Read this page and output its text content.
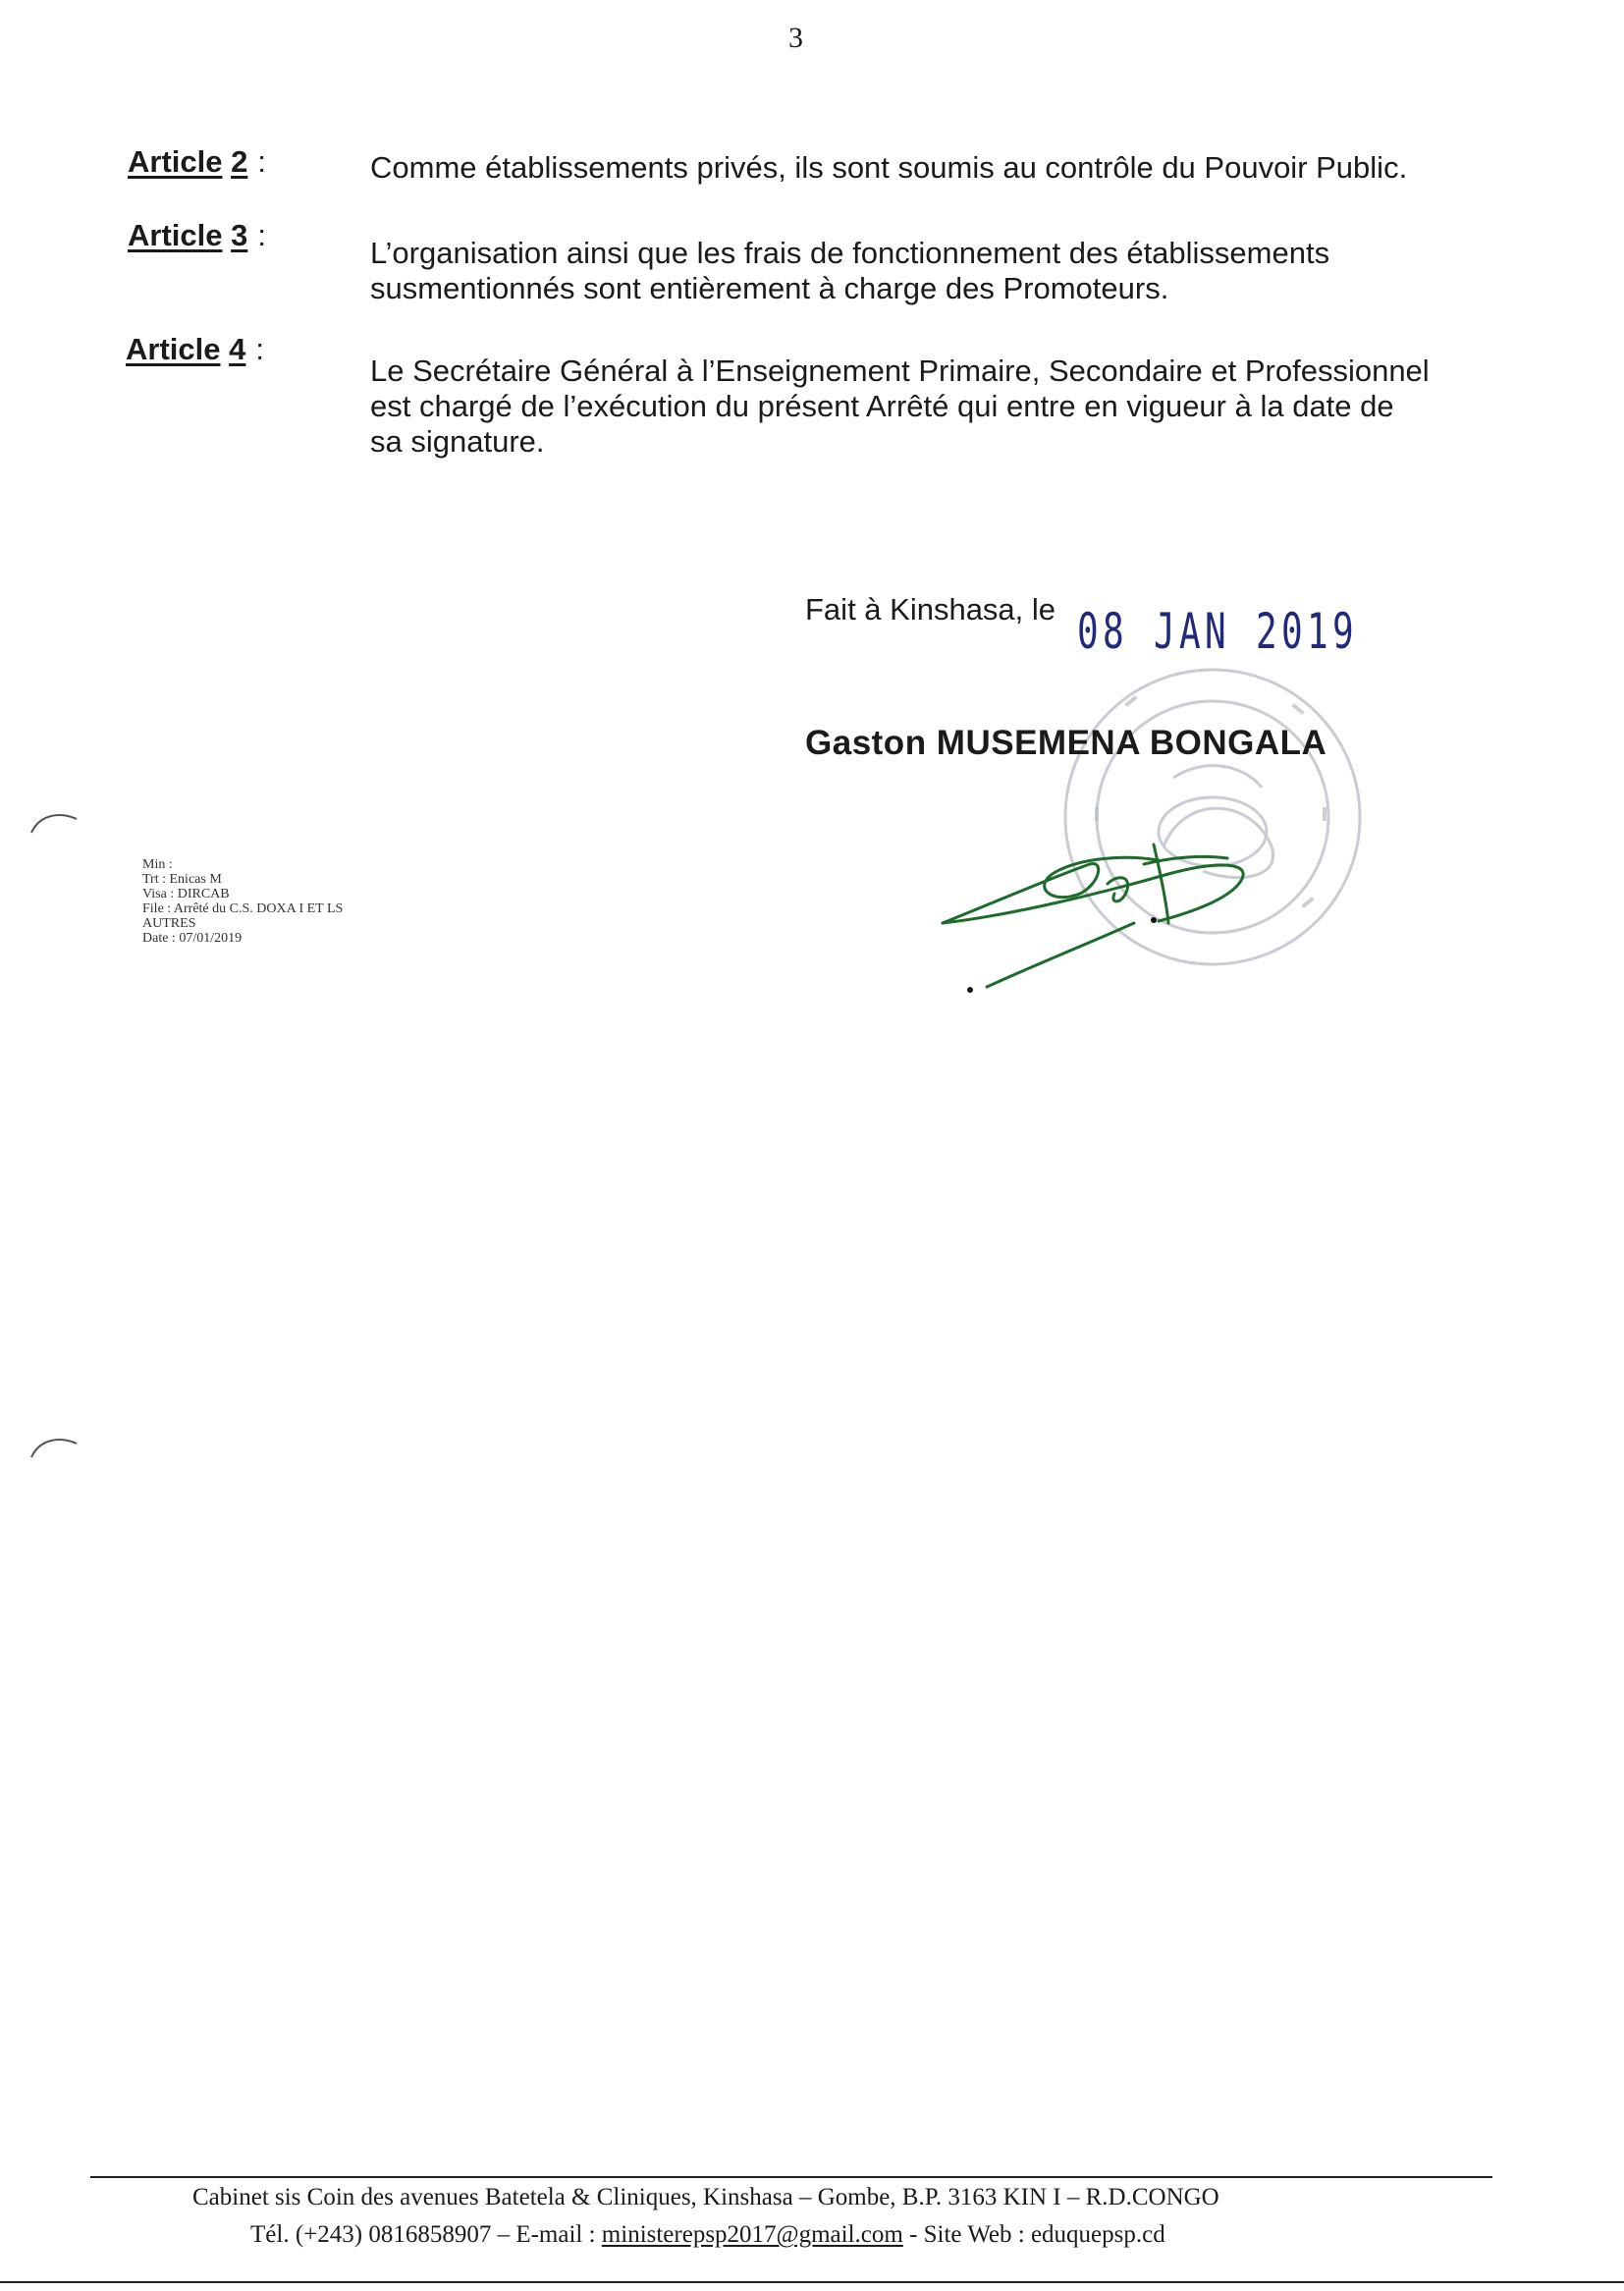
3
Article 2 :	Comme établissements privés, ils sont soumis au contrôle du Pouvoir Public.
Article 3 :
L’organisation ainsi que les frais de fonctionnement des établissements
susmentionnés sont entièrement à charge des Promoteurs.
Article 4 :
Le Secrétaire Général à l’Enseignement Primaire, Secondaire et Professionnel
est chargé de l’exécution du présent Arrêté qui entre en vigueur à la date de
sa signature.
Fait à Kinshasa, le 08 JAN 2019
Gaston MUSEMENA BONGALA
Min :
Trt : Enicas M
Visa : DIRCAB
File : Arrêté du C.S. DOXA I ET LS
AUTRES
Date : 07/01/2019
Cabinet sis Coin des avenues Batetela & Cliniques, Kinshasa – Gombe, B.P. 3163 KIN I – R.D.CONGO
Tél. (+243) 0816858907 – E-mail : ministerepsp2017@gmail.com - Site Web : eduquepsp.cd
